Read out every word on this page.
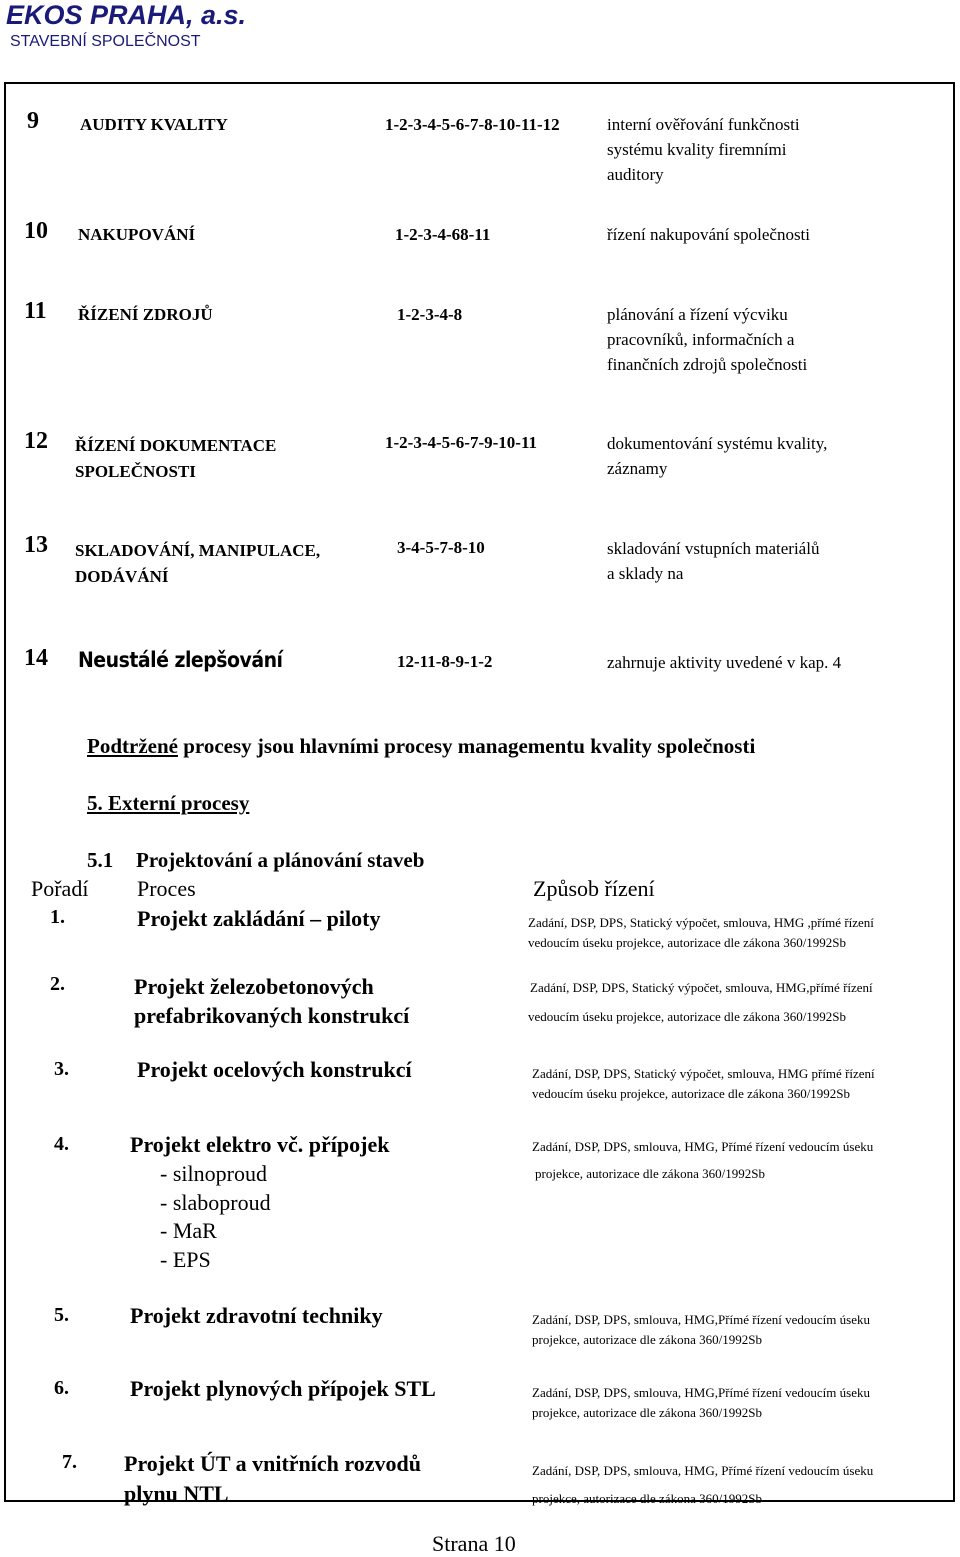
EKOS PRAHA, a.s.
STAVEBNÍ SPOLEČNOST
9 AUDITY KVALITY	1-2-3-4-5-6-7-8-10-11-12	interní ověřování funkčnosti
systému kvality firemními
auditory
10 NAKUPOVÁNÍ	1-2-3-4-68-11	řízení nakupování společnosti
11 ŘÍZENÍ ZDROJŮ	1-2-3-4-8	plánování a řízení výcviku
pracovníků, informačních a
finančních zdrojů společnosti
12 ŘÍZENÍ DOKUMENTACE
SPOLEČNOSTI
1-2-3-4-5-6-7-9-10-11	dokumentování systému kvality,
záznamy
13 SKLADOVÁNÍ, MANIPULACE,
DODÁVÁNÍ
3-4-5-7-8-10	skladování vstupních materiálů
a sklady na
14 Neustálé zlepšování	12-11-8-9-1-2	zahrnuje aktivity uvedené v kap. 4
Podtržené procesy jsou hlavními procesy managementu kvality společnosti
5. Externí procesy
5.1 Projektování a plánování staveb
Pořadí Proces	Způsob řízení
1.	Projekt zakládání – piloty	Zadání, DSP, DPS, Statický výpočet, smlouva, HMG ,přímé řízení
vedoucím úseku projekce, autorizace dle zákona 360/1992Sb
2.	Projekt železobetonových
prefabrikovaných konstrukcí
Zadání, DSP, DPS, Statický výpočet, smlouva, HMG,přímé řízení
vedoucím úseku projekce, autorizace dle zákona 360/1992Sb
3.	Projekt ocelových konstrukcí	Zadání, DSP, DPS, Statický výpočet, smlouva, HMG přímé řízení
vedoucím úseku projekce, autorizace dle zákona 360/1992Sb
4.	Projekt elektro vč. přípojek
- silnoproud
- slaboproud
- MaR
- EPS
Zadání, DSP, DPS, smlouva, HMG, Přímé řízení vedoucím úseku
projekce, autorizace dle zákona 360/1992Sb
5.	Projekt zdravotní techniky	Zadání, DSP, DPS, smlouva, HMG,Přímé řízení vedoucím úseku
projekce, autorizace dle zákona 360/1992Sb
6.	Projekt plynových přípojek STL	Zadání, DSP, DPS, smlouva, HMG,Přímé řízení vedoucím úseku
projekce, autorizace dle zákona 360/1992Sb
7. Projekt ÚT a vnitřních rozvodů
plynu NTL
Zadání, DSP, DPS, smlouva, HMG, Přímé řízení vedoucím úseku
projekce, autorizace dle zákona 360/1992Sb
Strana 10
